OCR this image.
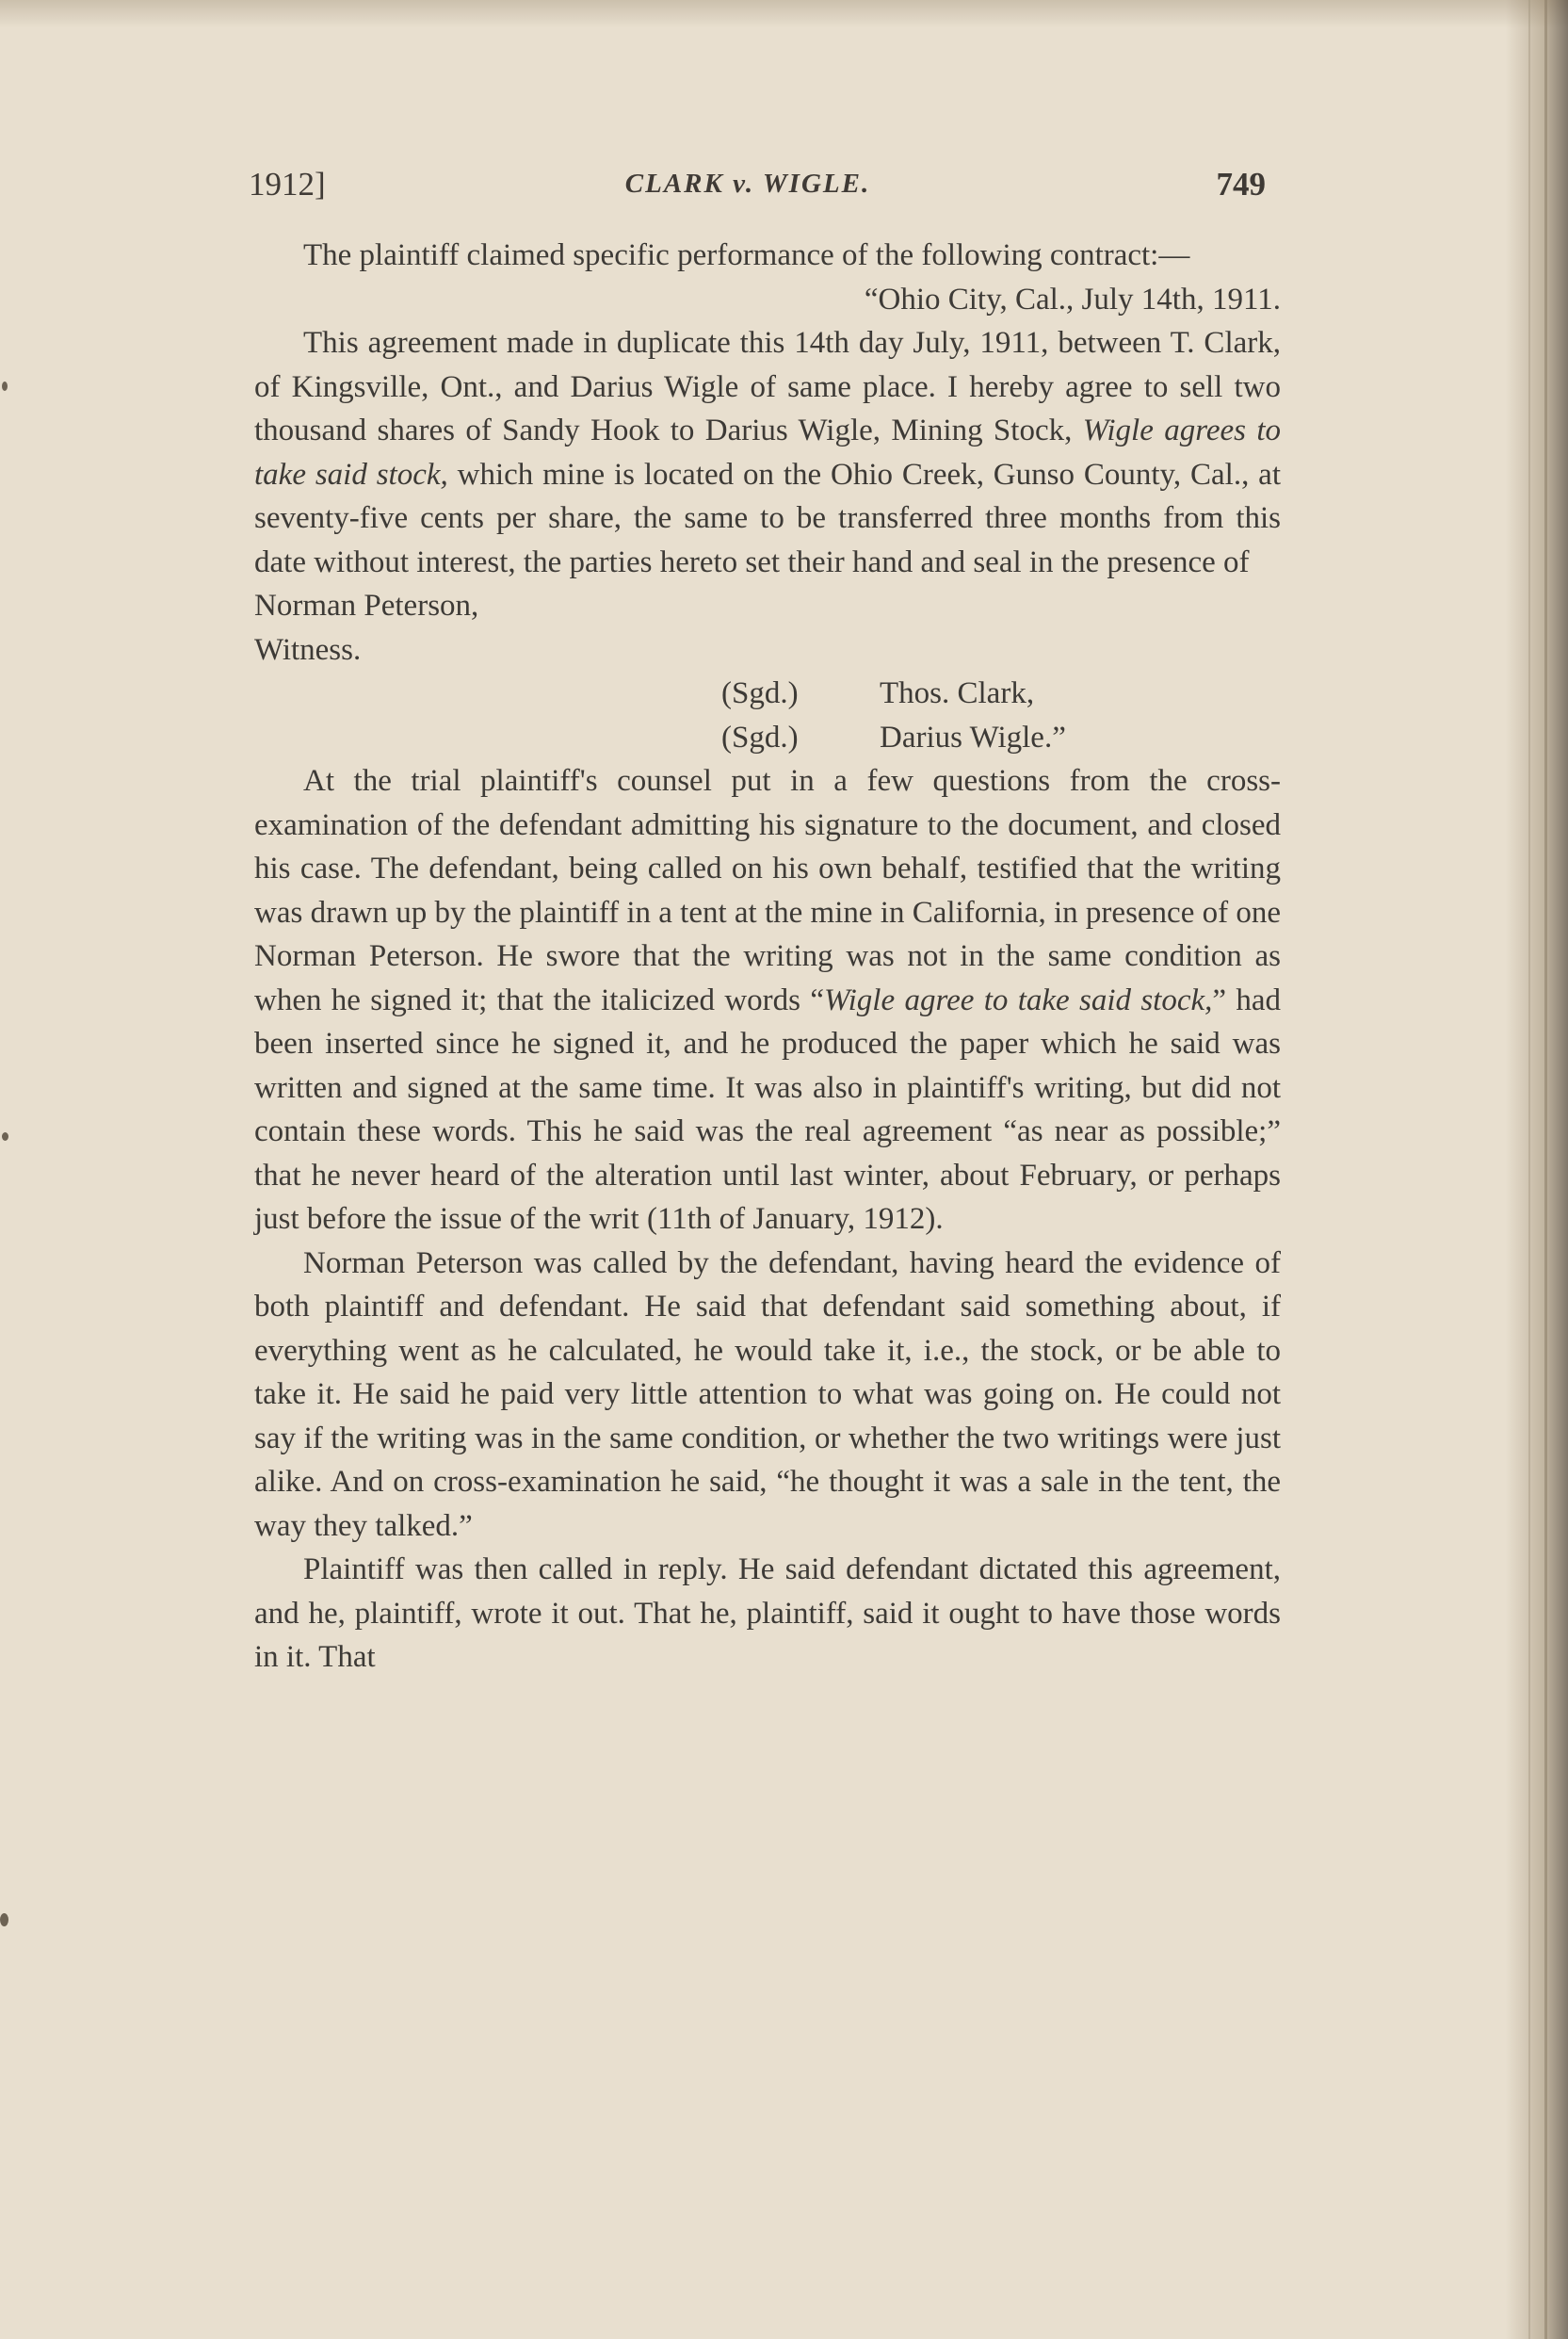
1912]	CLARK v. WIGLE.	749

The plaintiff claimed specific performance of the following contract:—

“Ohio City, Cal., July 14th, 1911.

This agreement made in duplicate this 14th day July, 1911, between T. Clark, of Kingsville, Ont., and Darius Wigle of same place. I hereby agree to sell two thousand shares of Sandy Hook to Darius Wigle, Mining Stock, Wigle agrees to take said stock, which mine is located on the Ohio Creek, Gunso County, Cal., at seventy-five cents per share, the same to be transferred three months from this date without interest, the parties hereto set their hand and seal in the presence of

Norman Peterson,

Witness.

(Sgd.)	Thos. Clark,
(Sgd.)	Darius Wigle.”

At the trial plaintiff's counsel put in a few questions from the cross-examination of the defendant admitting his signature to the document, and closed his case. The defendant, being called on his own behalf, testified that the writing was drawn up by the plaintiff in a tent at the mine in California, in presence of one Norman Peterson. He swore that the writing was not in the same condition as when he signed it; that the italicized words “Wigle agree to take said stock,” had been inserted since he signed it, and he produced the paper which he said was written and signed at the same time. It was also in plaintiff's writing, but did not contain these words. This he said was the real agreement “as near as possible;” that he never heard of the alteration until last winter, about February, or perhaps just before the issue of the writ (11th of January, 1912).

Norman Peterson was called by the defendant, having heard the evidence of both plaintiff and defendant. He said that defendant said something about, if everything went as he calculated, he would take it, i.e., the stock, or be able to take it. He said he paid very little attention to what was going on. He could not say if the writing was in the same condition, or whether the two writings were just alike. And on cross-examination he said, “he thought it was a sale in the tent, the way they talked.”

Plaintiff was then called in reply. He said defendant dictated this agreement, and he, plaintiff, wrote it out. That he, plaintiff, said it ought to have those words in it. That
